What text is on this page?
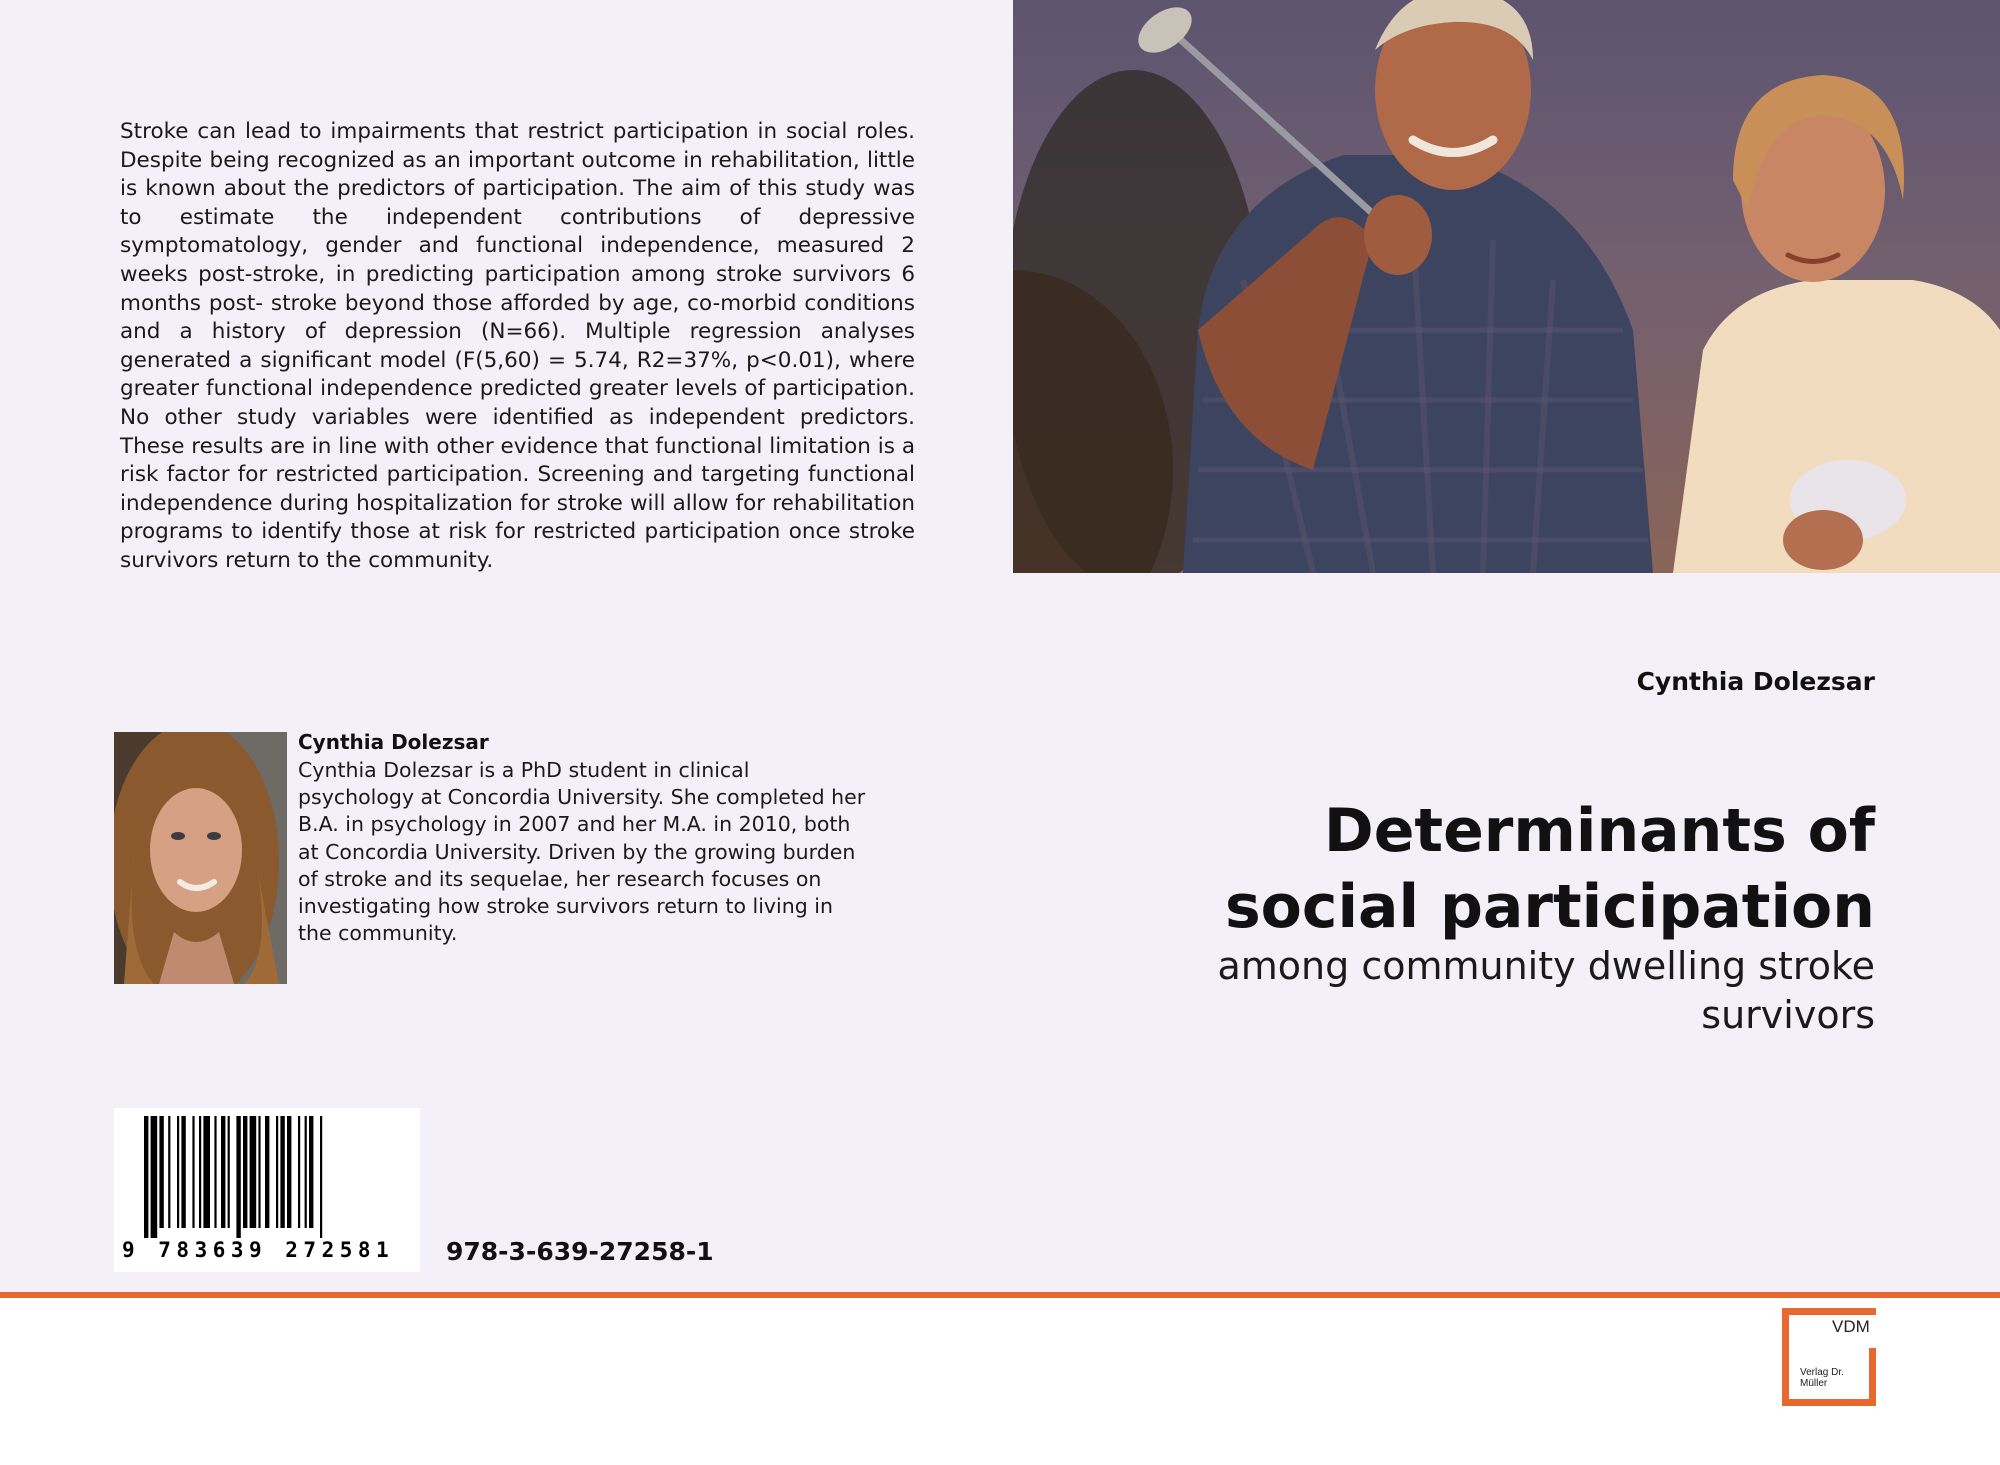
Stroke can lead to impairments that restrict participation in social roles. Despite being recognized as an important outcome in rehabilitation, little is known about the predictors of participation. The aim of this study was to estimate the independent contributions of depressive symptomatology, gender and functional independence, measured 2 weeks post-stroke, in predicting participation among stroke survivors 6 months post- stroke beyond those afforded by age, co-morbid conditions and a history of depression (N=66). Multiple regression analyses generated a significant model (F(5,60) = 5.74, R2=37%, p<0.01), where greater functional independence predicted greater levels of participation. No other study variables were identified as independent predictors. These results are in line with other evidence that functional limitation is a risk factor for restricted participation. Screening and targeting functional independence during hospitalization for stroke will allow for rehabilitation programs to identify those at risk for restricted participation once stroke survivors return to the community.

Cynthia Dolezsar
Determinants of social participation

among community dwelling stroke survivors

Cynthia Dolezsar

Cynthia Dolezsar is a PhD student in clinical psychology at Concordia University. She completed her B.A. in psychology in 2007 and her M.A. in 2010, both at Concordia University. Driven by the growing burden of stroke and its sequelae, her research focuses on investigating how stroke survivors return to living in the community.

9 783639 272581	978-3-639-27258-1
VDM
Verlag Dr. Müller
